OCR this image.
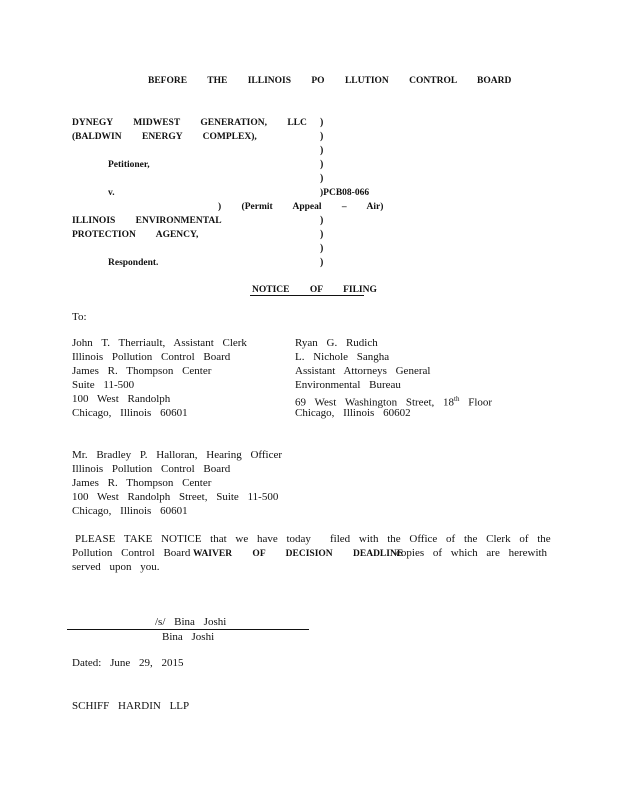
BEFORE THE ILLINOIS PO LLUTION CONTROL BOARD
DYNEGY MIDWEST GENERATION, LLC
(BALDWIN ENERGY COMPLEX),
Petitioner,
v.	)PCB08-066
) (Permit Appeal – Air)
ILLINOIS ENVIRONMENTAL
PROTECTION AGENCY,
Respondent.
)
)
)
)
)
)
)
)
)
NOTICE OF FILING
To:
John T. Therriault, Assistant Clerk
Illinois Pollution Control Board
James R. Thompson Center
Suite 11-500
100 West Randolph
Chicago, Illinois 60601
Ryan G. Rudich
L. Nichole Sangha
Assistant Attorneys General
Environmental Bureau
69 West Washington Street, 18th Floor
Chicago, Illinois 60602
Mr. Bradley P. Halloran, Hearing Officer
Illinois Pollution Control Board
James R. Thompson Center
100 West Randolph Street, Suite 11-500
Chicago, Illinois 60601
PLEASE TAKE NOTICE that we have today filed with the Office of the Clerk of the
Pollution Control Board WAIVER OF DECISION DEADLINE
copies of which are herewith
served upon you.
/s/ Bina Joshi
Bina Joshi
Dated: June 29, 2015
SCHIFF HARDIN LLP
